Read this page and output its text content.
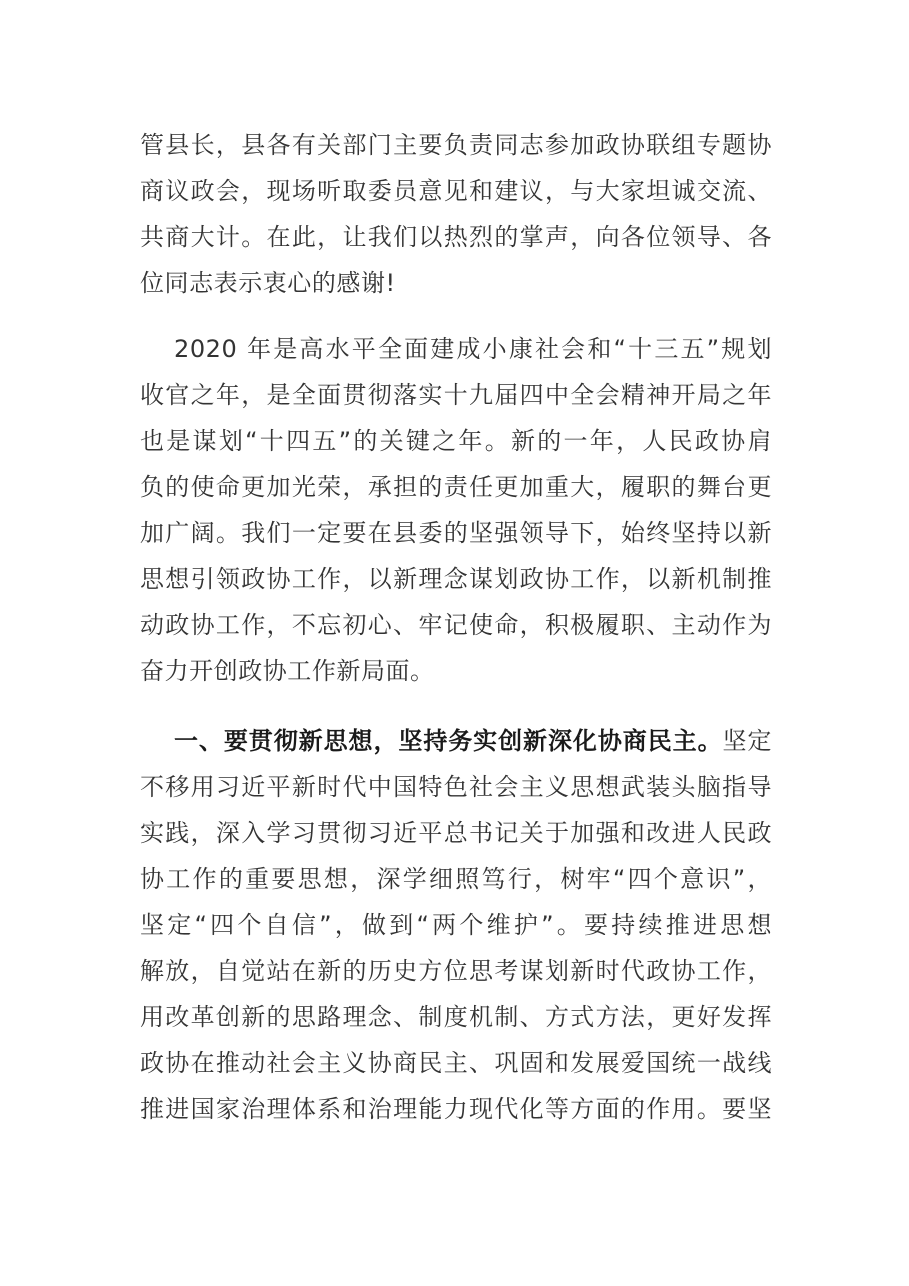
管县长，县各有关部门主要负责同志参加政协联组专题协
商议政会，现场听取委员意见和建议，与大家坦诚交流、
共商大计。在此，让我们以热烈的掌声，向各位领导、各
位同志表示衷心的感谢!
2020 年是高水平全面建成小康社会和“十三五”规划
收官之年，是全面贯彻落实十九届四中全会精神开局之年
也是谋划“十四五”的关键之年。新的一年，人民政协肩
负的使命更加光荣，承担的责任更加重大，履职的舞台更
加广阔。我们一定要在县委的坚强领导下，始终坚持以新
思想引领政协工作，以新理念谋划政协工作，以新机制推
动政协工作，不忘初心、牢记使命，积极履职、主动作为
奋力开创政协工作新局面。
一、要贯彻新思想，坚持务实创新深化协商民主。坚定
不移用习近平新时代中国特色社会主义思想武装头脑指导
实践，深入学习贯彻习近平总书记关于加强和改进人民政
协工作的重要思想，深学细照笃行，树牢“四个意识”，
坚定“四个自信”，做到“两个维护”。要持续推进思想
解放，自觉站在新的历史方位思考谋划新时代政协工作，
用改革创新的思路理念、制度机制、方式方法，更好发挥
政协在推动社会主义协商民主、巩固和发展爱国统一战线
推进国家治理体系和治理能力现代化等方面的作用。要坚
